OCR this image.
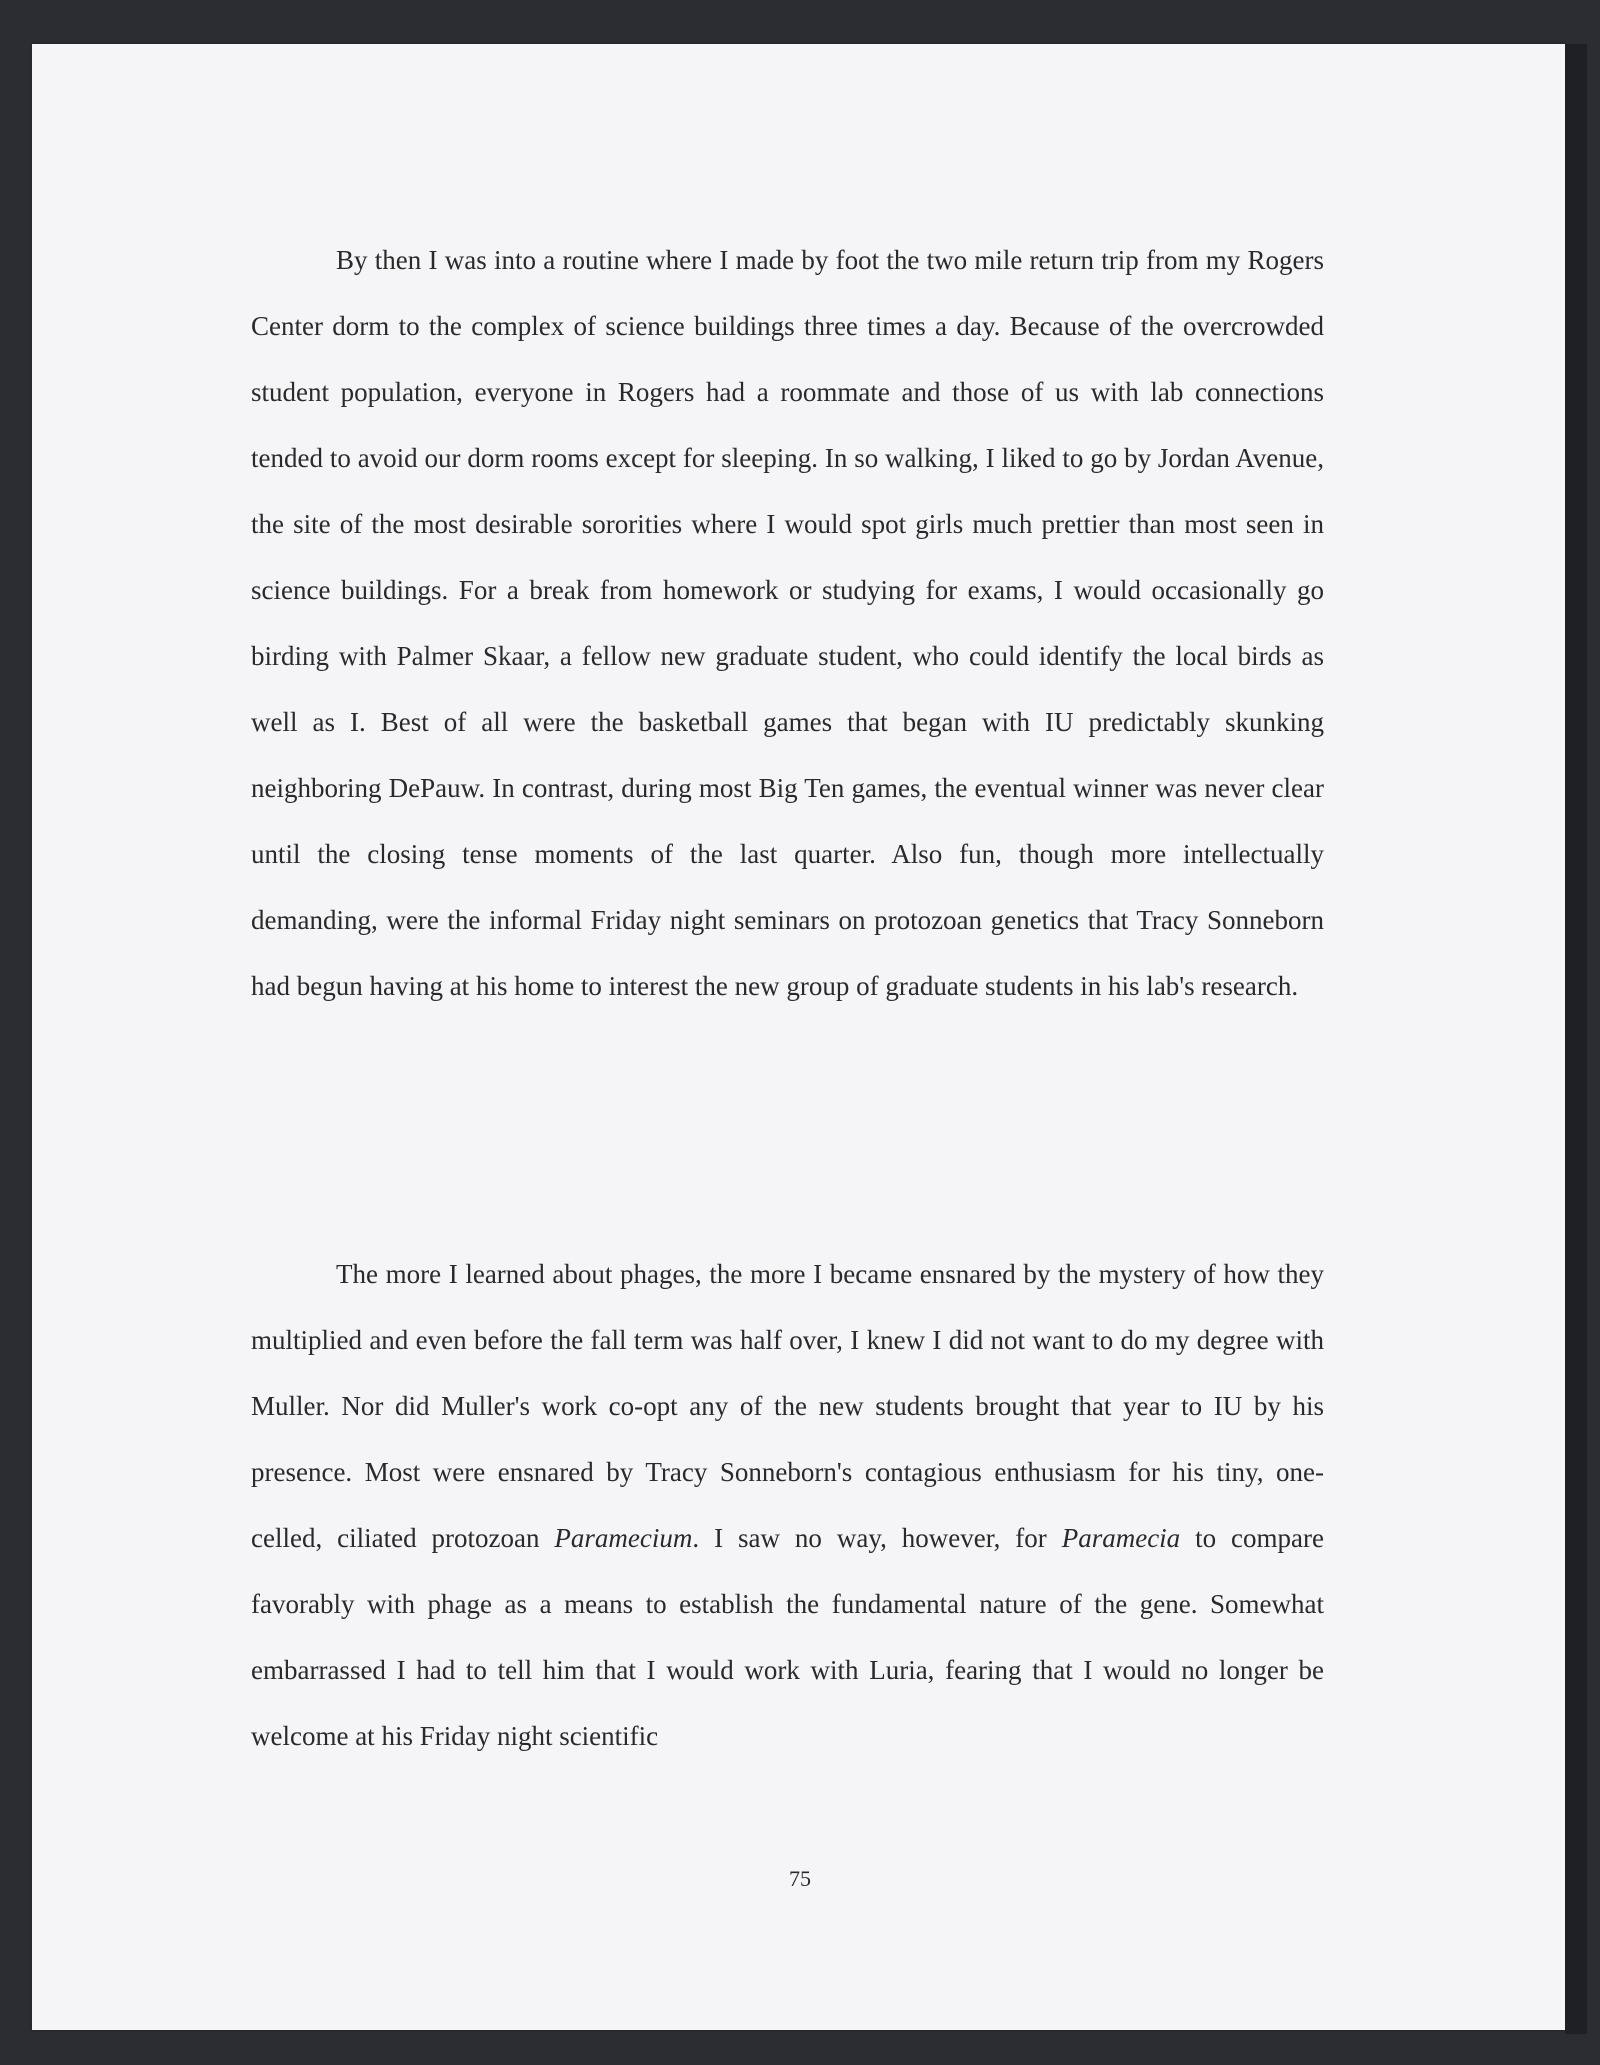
By then I was into a routine where I made by foot the two mile return trip from my Rogers Center dorm to the complex of science buildings three times a day. Because of the overcrowded student population, everyone in Rogers had a roommate and those of us with lab connections tended to avoid our dorm rooms except for sleeping. In so walking, I liked to go by Jordan Avenue, the site of the most desirable sororities where I would spot girls much prettier than most seen in science buildings. For a break from homework or studying for exams, I would occasionally go birding with Palmer Skaar, a fellow new graduate student, who could identify the local birds as well as I. Best of all were the basketball games that began with IU predictably skunking neighboring DePauw. In contrast, during most Big Ten games, the eventual winner was never clear until the closing tense moments of the last quarter. Also fun, though more intellectually demanding, were the informal Friday night seminars on protozoan genetics that Tracy Sonneborn had begun having at his home to interest the new group of graduate students in his lab's research.

The more I learned about phages, the more I became ensnared by the mystery of how they multiplied and even before the fall term was half over, I knew I did not want to do my degree with Muller. Nor did Muller's work co-opt any of the new students brought that year to IU by his presence. Most were ensnared by Tracy Sonneborn's contagious enthusiasm for his tiny, one-celled, ciliated protozoan Paramecium. I saw no way, however, for Paramecia to compare favorably with phage as a means to establish the fundamental nature of the gene. Somewhat embarrassed I had to tell him that I would work with Luria, fearing that I would no longer be welcome at his Friday night scientific

75
